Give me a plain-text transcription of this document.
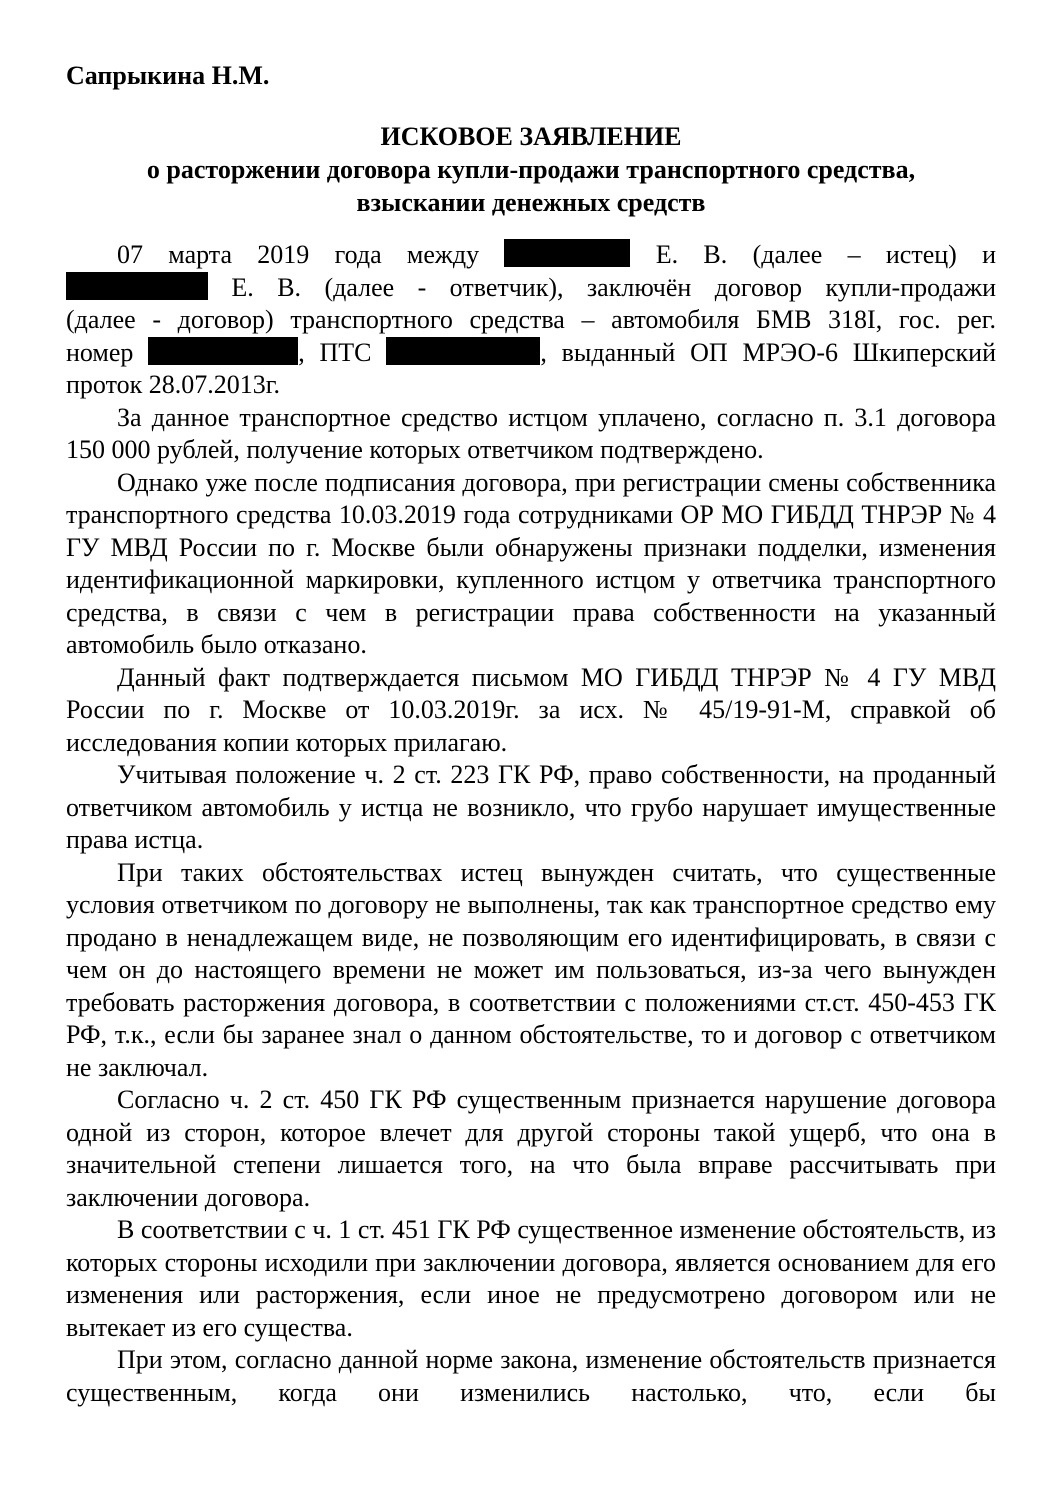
Сапрыкина Н.М.
ИСКОВОЕ ЗАЯВЛЕНИЕ
о расторжении договора купли-продажи транспортного средства,
взыскании денежных средств
07 марта 2019 года между	Е. В. (далее – истец) и
Е. В. (далее - ответчик), заключён договор купли-продажи
(далее - договор) транспортного средства – автомобиля БМВ 318I, гос. рег.
номер	, ПТС	, выданный ОП МРЭО-6 Шкиперский
проток 28.07.2013г.

За данное транспортное средство истцом уплачено, согласно п. 3.1 договора 150 000 рублей, получение которых ответчиком подтверждено.

Однако уже после подписания договора, при регистрации смены собственника транспортного средства 10.03.2019 года сотрудниками ОР МО ГИБДД ТНРЭР № 4 ГУ МВД России по г. Москве были обнаружены признаки подделки, изменения идентификационной маркировки, купленного истцом у ответчика транспортного средства, в связи с чем в регистрации права собственности на указанный автомобиль было отказано.

Данный факт подтверждается письмом МО ГИБДД ТНРЭР № 4 ГУ МВД России по г. Москве от 10.03.2019г. за исх. № 45/19-91-М, справкой об исследования копии которых прилагаю.

Учитывая положение ч. 2 ст. 223 ГК РФ, право собственности, на проданный ответчиком автомобиль у истца не возникло, что грубо нарушает имущественные права истца.

При таких обстоятельствах истец вынужден считать, что существенные условия ответчиком по договору не выполнены, так как транспортное средство ему продано в ненадлежащем виде, не позволяющим его идентифицировать, в связи с чем он до настоящего времени не может им пользоваться, из-за чего вынужден требовать расторжения договора, в соответствии с положениями ст.ст. 450-453 ГК РФ, т.к., если бы заранее знал о данном обстоятельстве, то и договор с ответчиком не заключал.

Согласно ч. 2 ст. 450 ГК РФ существенным признается нарушение договора одной из сторон, которое влечет для другой стороны такой ущерб, что она в значительной степени лишается того, на что была вправе рассчитывать при заключении договора.

В соответствии с ч. 1 ст. 451 ГК РФ существенное изменение обстоятельств, из которых стороны исходили при заключении договора, является основанием для его изменения или расторжения, если иное не предусмотрено договором или не вытекает из его существа.

При этом, согласно данной норме закона, изменение обстоятельств признается существенным, когда они изменились настолько, что, если бы
